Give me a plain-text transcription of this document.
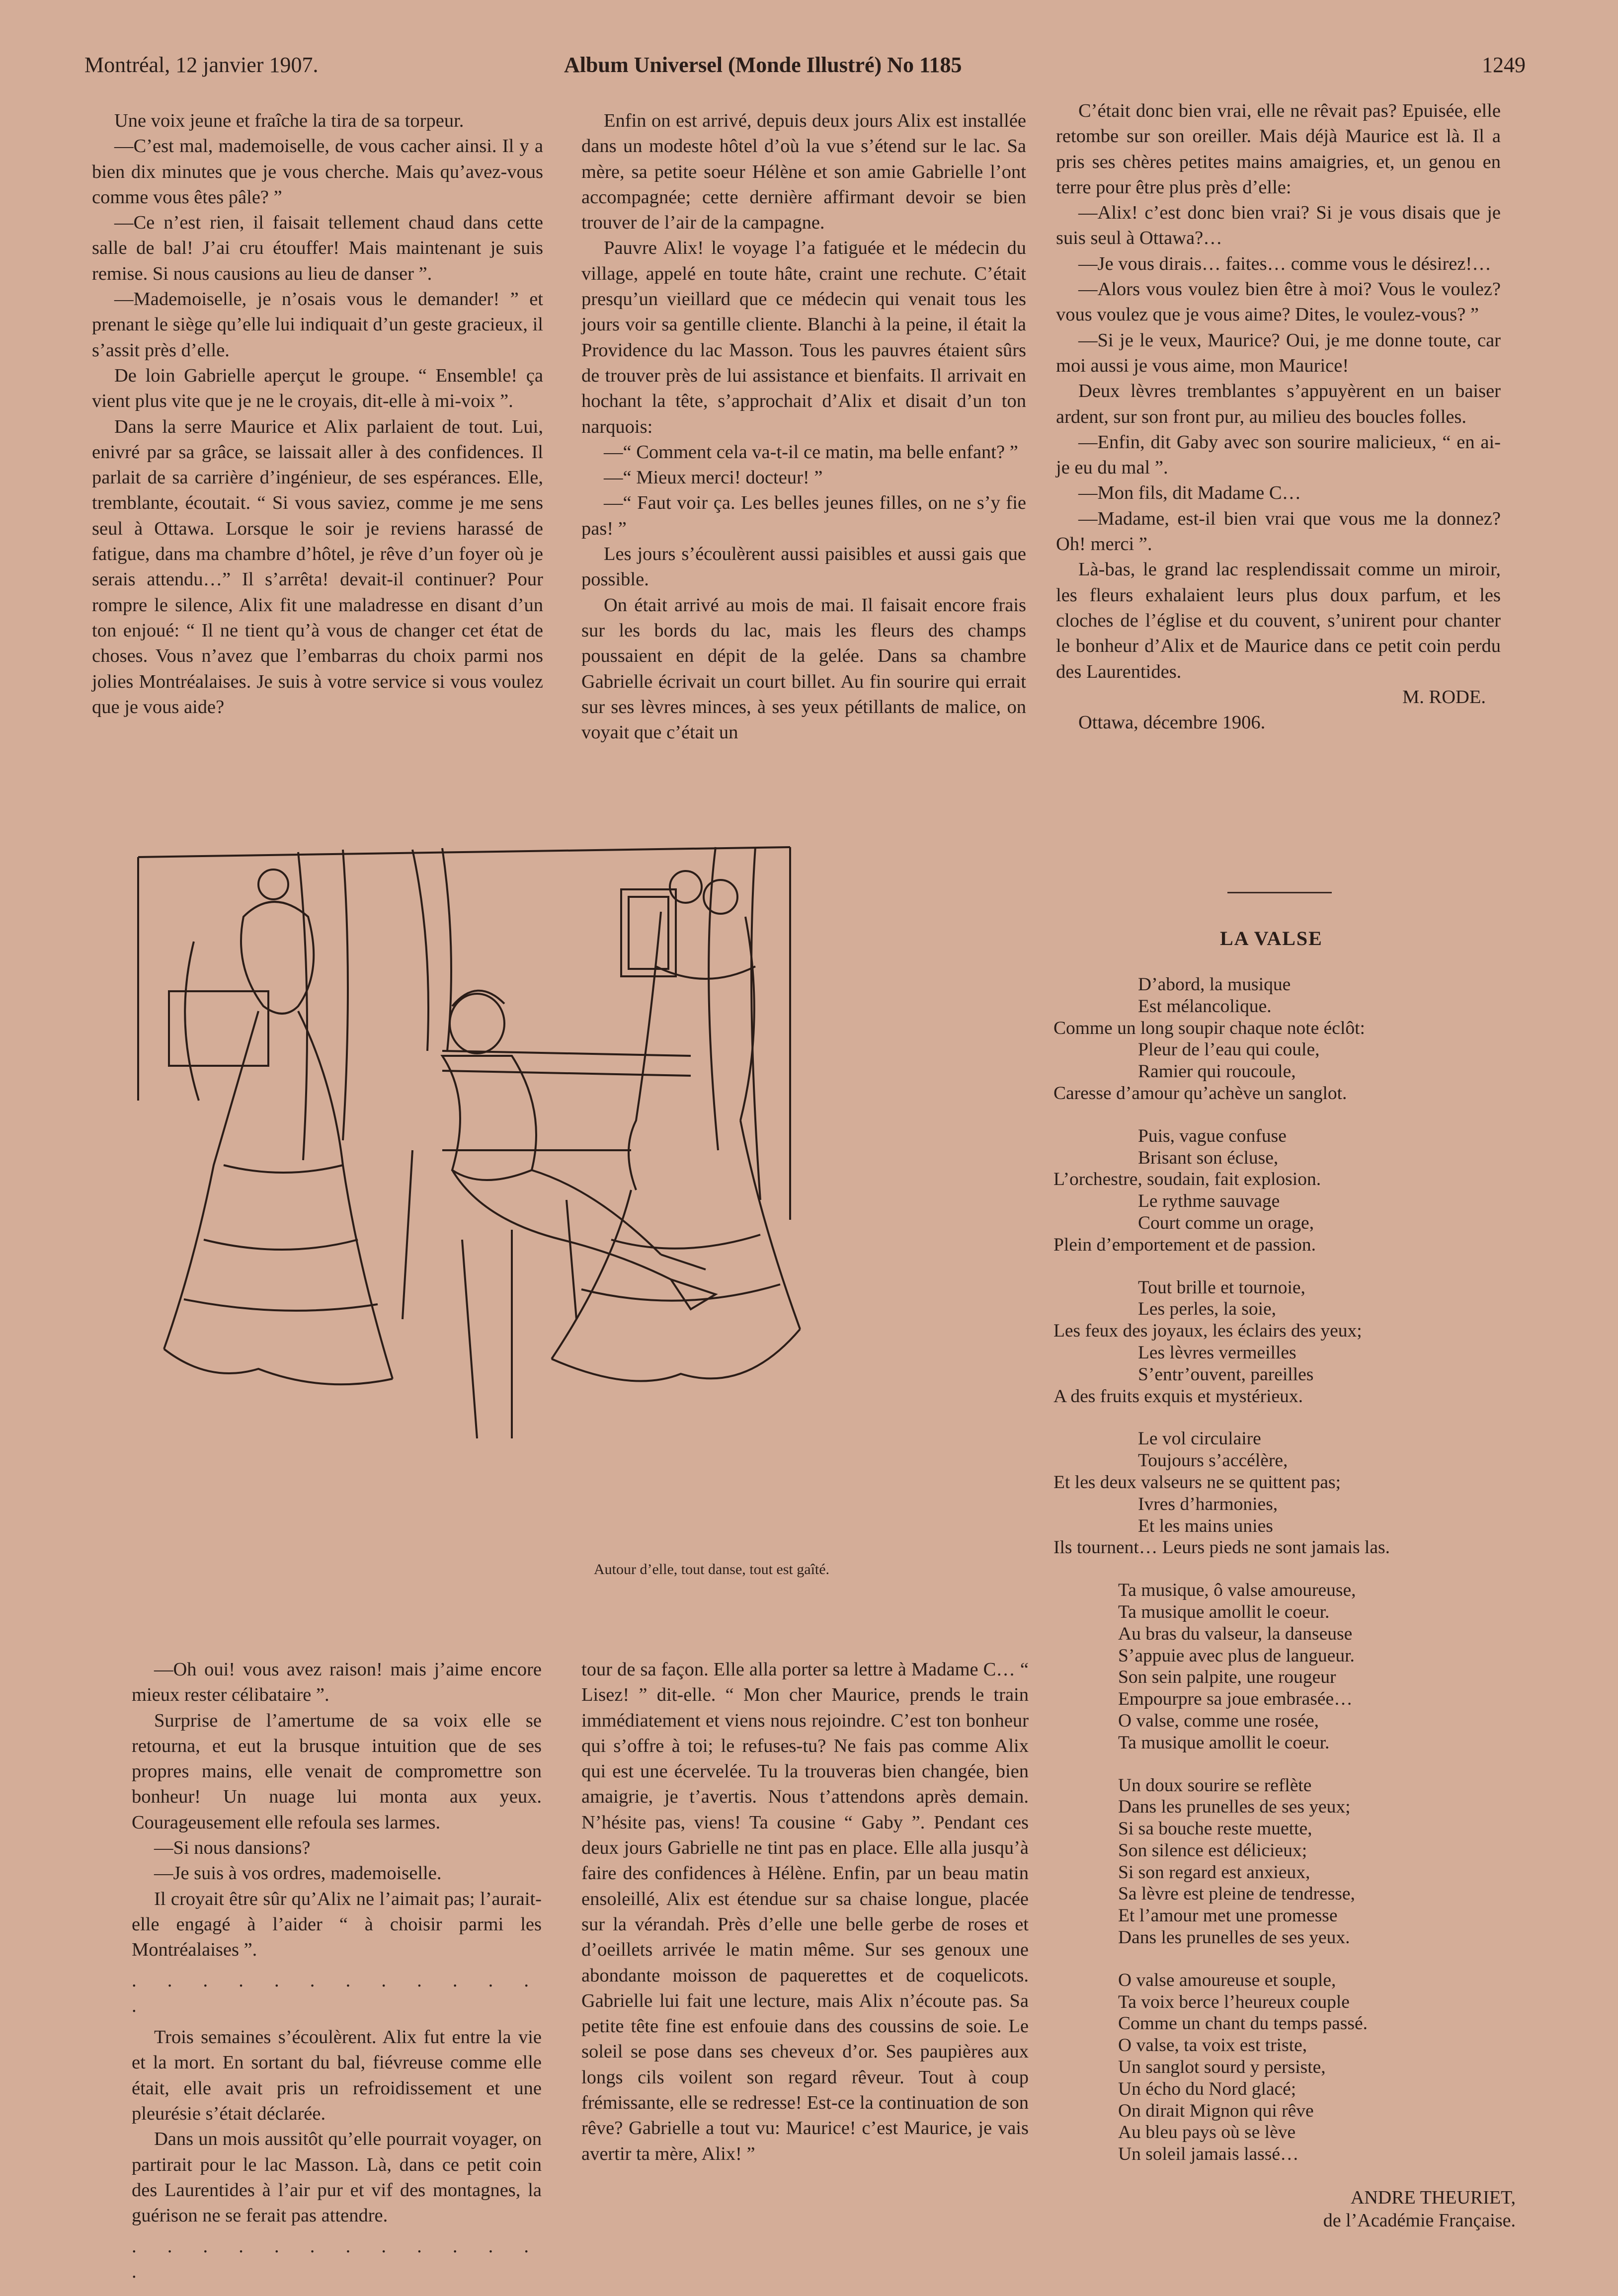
Montréal, 12 janvier 1907.	Album Universel (Monde Illustré) No 1185	1249

Une voix jeune et fraîche la tira de sa torpeur.

—C’est mal, mademoiselle, de vous cacher ainsi. Il y a bien dix minutes que je vous cherche. Mais qu’avez-vous comme vous êtes pâle? ”

—Ce n’est rien, il faisait tellement chaud dans cette salle de bal! J’ai cru étouffer! Mais maintenant je suis remise. Si nous causions au lieu de danser ”.

—Mademoiselle, je n’osais vous le demander! ” et prenant le siège qu’elle lui indiquait d’un geste gracieux, il s’assit près d’elle.

De loin Gabrielle aperçut le groupe. “ Ensemble! ça vient plus vite que je ne le croyais, dit-elle à mi-voix ”.

Dans la serre Maurice et Alix parlaient de tout. Lui, enivré par sa grâce, se laissait aller à des confidences. Il parlait de sa carrière d’ingénieur, de ses espérances. Elle, tremblante, écoutait. “ Si vous saviez, comme je me sens seul à Ottawa. Lorsque le soir je reviens harassé de fatigue, dans ma chambre d’hôtel, je rêve d’un foyer où je serais attendu…” Il s’arrêta! devait-il continuer? Pour rompre le silence, Alix fit une maladresse en disant d’un ton enjoué: “ Il ne tient qu’à vous de changer cet état de choses. Vous n’avez que l’embarras du choix parmi nos jolies Montréalaises. Je suis à votre service si vous voulez que je vous aide?

Enfin on est arrivé, depuis deux jours Alix est installée dans un modeste hôtel d’où la vue s’étend sur le lac. Sa mère, sa petite soeur Hélène et son amie Gabrielle l’ont accompagnée; cette dernière affirmant devoir se bien trouver de l’air de la campagne.

Pauvre Alix! le voyage l’a fatiguée et le médecin du village, appelé en toute hâte, craint une rechute. C’était presqu’un vieillard que ce médecin qui venait tous les jours voir sa gentille cliente. Blanchi à la peine, il était la Providence du lac Masson. Tous les pauvres étaient sûrs de trouver près de lui assistance et bienfaits. Il arrivait en hochant la tête, s’approchait d’Alix et disait d’un ton narquois:

—“ Comment cela va-t-il ce matin, ma belle enfant? ”

—“ Mieux merci! docteur! ”

—“ Faut voir ça. Les belles jeunes filles, on ne s’y fie pas! ”

Les jours s’écoulèrent aussi paisibles et aussi gais que possible.

On était arrivé au mois de mai. Il faisait encore frais sur les bords du lac, mais les fleurs des champs poussaient en dépit de la gelée. Dans sa chambre Gabrielle écrivait un court billet. Au fin sourire qui errait sur ses lèvres minces, à ses yeux pétillants de malice, on voyait que c’était un

C’était donc bien vrai, elle ne rêvait pas? Epuisée, elle retombe sur son oreiller. Mais déjà Maurice est là. Il a pris ses chères petites mains amaigries, et, un genou en terre pour être plus près d’elle:

—Alix! c’est donc bien vrai? Si je vous disais que je suis seul à Ottawa?…

—Je vous dirais… faites… comme vous le désirez!…

—Alors vous voulez bien être à moi? Vous le voulez? vous voulez que je vous aime? Dites, le voulez-vous? ”

—Si je le veux, Maurice? Oui, je me donne toute, car moi aussi je vous aime, mon Maurice!

Deux lèvres tremblantes s’appuyèrent en un baiser ardent, sur son front pur, au milieu des boucles folles.

—Enfin, dit Gaby avec son sourire malicieux, “ en ai-je eu du mal ”.

—Mon fils, dit Madame C…

—Madame, est-il bien vrai que vous me la donnez? Oh! merci ”.

Là-bas, le grand lac resplendissait comme un miroir, les fleurs exhalaient leurs plus doux parfum, et les cloches de l’église et du couvent, s’unirent pour chanter le bonheur d’Alix et de Maurice dans ce petit coin perdu des Laurentides.

M. RODE.

Ottawa, décembre 1906.

LA VALSE
D’abord, la musique
Est mélancolique.
Comme un long soupir chaque note éclôt:
Pleur de l’eau qui coule,
Ramier qui roucoule,
Caresse d’amour qu’achève un sanglot.
Puis, vague confuse
Brisant son écluse,
L’orchestre, soudain, fait explosion.
Le rythme sauvage
Court comme un orage,
Plein d’emportement et de passion.
Tout brille et tournoie,
Les perles, la soie,
Les feux des joyaux, les éclairs des yeux;
Les lèvres vermeilles
S’entr’ouvent, pareilles
A des fruits exquis et mystérieux.
Le vol circulaire
Toujours s’accélère,
Et les deux valseurs ne se quittent pas;
Ivres d’harmonies,
Et les mains unies
Ils tournent… Leurs pieds ne sont jamais las.
Ta musique, ô valse amoureuse,
Ta musique amollit le coeur.
Au bras du valseur, la danseuse
S’appuie avec plus de langueur.
Son sein palpite, une rougeur
Empourpre sa joue embrasée…
O valse, comme une rosée,
Ta musique amollit le coeur.
Un doux sourire se reflète
Dans les prunelles de ses yeux;
Si sa bouche reste muette,
Son silence est délicieux;
Si son regard est anxieux,
Sa lèvre est pleine de tendresse,
Et l’amour met une promesse
Dans les prunelles de ses yeux.
O valse amoureuse et souple,
Ta voix berce l’heureux couple
Comme un chant du temps passé.
O valse, ta voix est triste,
Un sanglot sourd y persiste,
Un écho du Nord glacé;
On dirait Mignon qui rêve
Au bleu pays où se lève
Un soleil jamais lassé…
ANDRE THEURIET,
de l’Académie Française.
Autour d’elle, tout danse, tout est gaîté.

—Oh oui! vous avez raison! mais j’aime encore mieux rester célibataire ”.

Surprise de l’amertume de sa voix elle se retourna, et eut la brusque intuition que de ses propres mains, elle venait de compromettre son bonheur! Un nuage lui monta aux yeux. Courageusement elle refoula ses larmes.

—Si nous dansions?

—Je suis à vos ordres, mademoiselle.

Il croyait être sûr qu’Alix ne l’aimait pas; l’aurait-elle engagé à l’aider “ à choisir parmi les Montréalaises ”.

. . . . . . . . . . . . .

Trois semaines s’écoulèrent. Alix fut entre la vie et la mort. En sortant du bal, fiévreuse comme elle était, elle avait pris un refroidissement et une pleurésie s’était déclarée.

Dans un mois aussitôt qu’elle pourrait voyager, on partirait pour le lac Masson. Là, dans ce petit coin des Laurentides à l’air pur et vif des montagnes, la guérison ne se ferait pas attendre.

. . . . . . . . . . . . .

tour de sa façon. Elle alla porter sa lettre à Madame C… “ Lisez! ” dit-elle. “ Mon cher Maurice, prends le train immédiatement et viens nous rejoindre. C’est ton bonheur qui s’offre à toi; le refuses-tu? Ne fais pas comme Alix qui est une écervelée. Tu la trouveras bien changée, bien amaigrie, je t’avertis. Nous t’attendons après demain. N’hésite pas, viens! Ta cousine “ Gaby ”. Pendant ces deux jours Gabrielle ne tint pas en place. Elle alla jusqu’à faire des confidences à Hélène. Enfin, par un beau matin ensoleillé, Alix est étendue sur sa chaise longue, placée sur la vérandah. Près d’elle une belle gerbe de roses et d’oeillets arrivée le matin même. Sur ses genoux une abondante moisson de paquerettes et de coquelicots. Gabrielle lui fait une lecture, mais Alix n’écoute pas. Sa petite tête fine est enfouie dans des coussins de soie. Le soleil se pose dans ses cheveux d’or. Ses paupières aux longs cils voilent son regard rêveur. Tout à coup frémissante, elle se redresse! Est-ce la continuation de son rêve? Gabrielle a tout vu: Maurice! c’est Maurice, je vais avertir ta mère, Alix! ”
